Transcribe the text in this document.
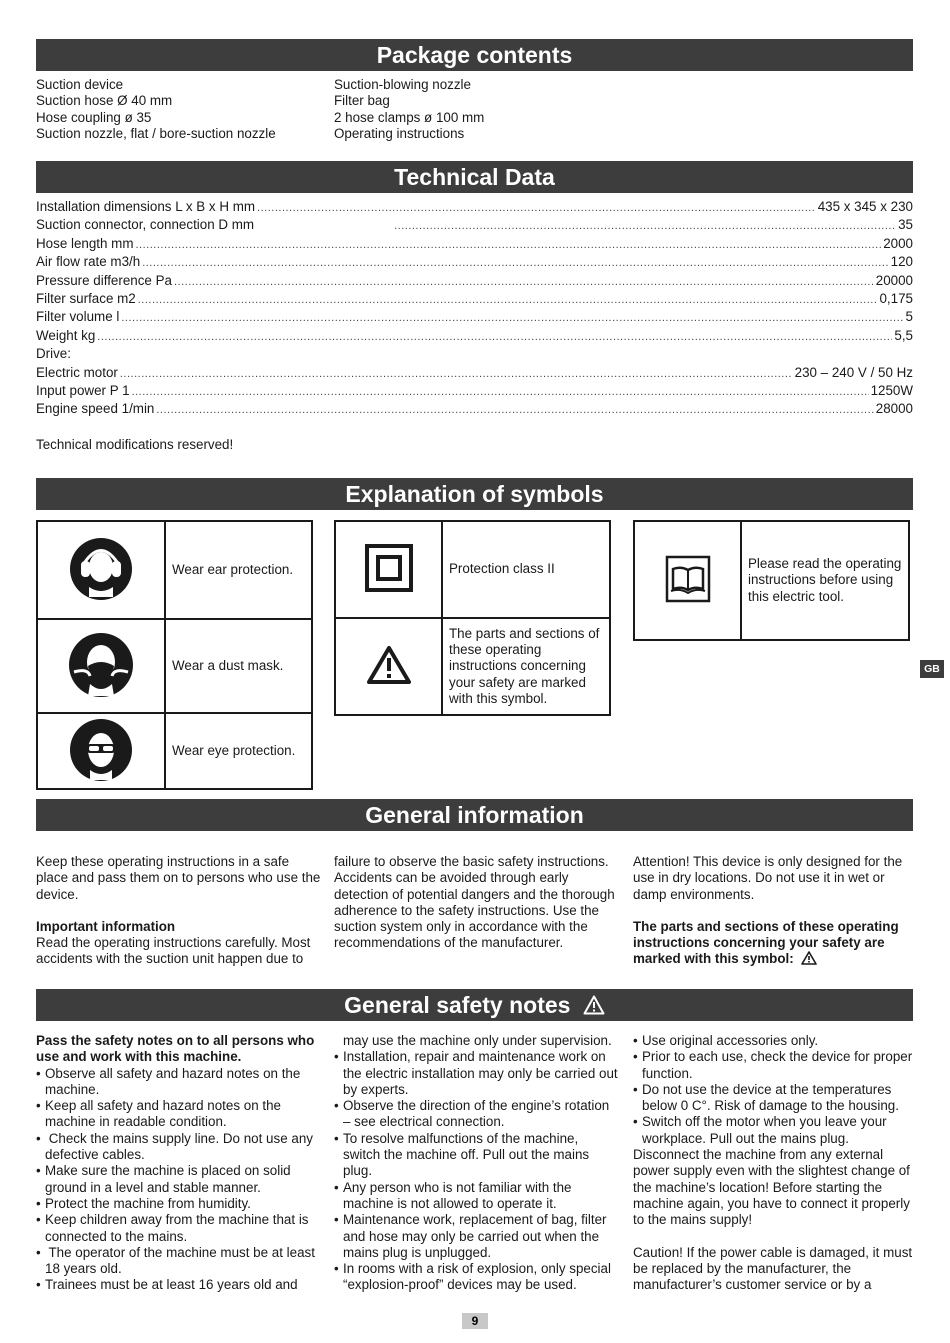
Package contents
Suction device
Suction hose Ø 40 mm
Hose coupling ø 35
Suction nozzle, flat / bore-suction nozzle
Suction-blowing nozzle
Filter bag
2 hose clamps ø 100 mm
Operating instructions
Technical Data
Installation dimensions L x B x H mm .....	435 x 345 x 230
Suction connector, connection D mm .....	35
Hose length mm .....	2000
Air flow rate m3/h .....	120
Pressure difference Pa .....	20000
Filter surface m2 .....	0,175
Filter volume l .....	5
Weight kg .....	5,5
Drive:
Electric motor .....	230 – 240 V / 50 Hz
Input power P 1 .....	1250W
Engine speed 1/min .....	28000
Technical modifications reserved!
Explanation of symbols
	Wear ear protection.
	Wear a dust mask.
	Wear eye protection.
	Protection class II
	The parts and sections of these operating instructions concerning your safety are marked with this symbol.
	Please read the operating instructions before using this electric tool.
GB
General information

Keep these operating instructions in a safe place and pass them on to persons who use the device.

Important information

Read the operating instructions carefully. Most accidents with the suction unit happen due to

failure to observe the basic safety instructions. Accidents can be avoided through early detection of potential dangers and the thorough adherence to the safety instructions. Use the suction system only in accordance with the recommendations of the manufacturer.

Attention! This device is only designed for the use in dry locations. Do not use it in wet or damp environments.

The parts and sections of these operating instructions concerning your safety are marked with this symbol:

General safety notes

Pass the safety notes on to all persons who use and work with this machine.

• Observe all safety and hazard notes on the machine.
• Keep all safety and hazard notes on the machine in readable condition.
• Check the mains supply line. Do not use any defective cables.
• Make sure the machine is placed on solid ground in a level and stable manner.
• Protect the machine from humidity.
• Keep children away from the machine that is connected to the mains.
• The operator of the machine must be at least 18 years old.
• Trainees must be at least 16 years old and

may use the machine only under supervision.

• Installation, repair and maintenance work on the electric installation may only be carried out by experts.
• Observe the direction of the engine’s rotation – see electrical connection.
• To resolve malfunctions of the machine, switch the machine off. Pull out the mains plug.
• Any person who is not familiar with the machine is not allowed to operate it.
• Maintenance work, replacement of bag, filter and hose may only be carried out when the mains plug is unplugged.
• In rooms with a risk of explosion, only special “explosion-proof” devices may be used.
• Use original accessories only.
• Prior to each use, check the device for proper function.
• Do not use the device at the temperatures below 0 C°. Risk of damage to the housing.
• Switch off the motor when you leave your workplace. Pull out the mains plug.

Disconnect the machine from any external power supply even with the slightest change of the machine’s location! Before starting the machine again, you have to connect it properly to the mains supply!

Caution! If the power cable is damaged, it must be replaced by the manufacturer, the manufacturer’s customer service or by a

9
